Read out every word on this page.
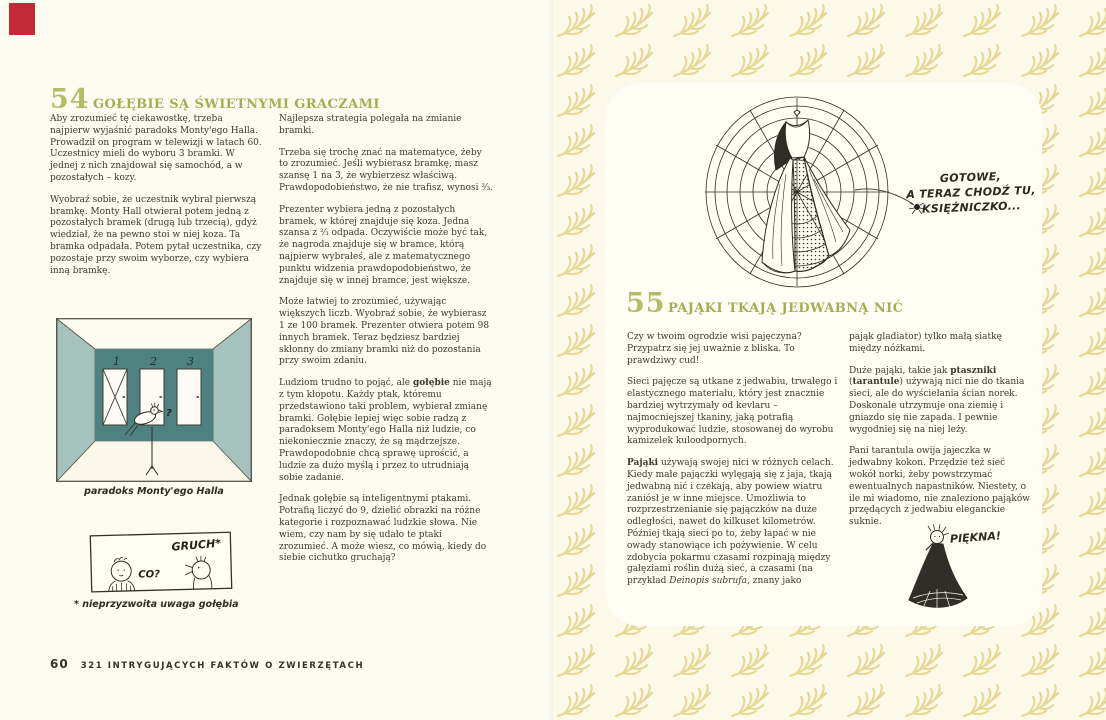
54 GOŁĘBIE SĄ ŚWIETNYMI GRACZAMI

Aby zrozumieć tę ciekawostkę, trzeba najpierw wyjaśnić paradoks Monty'ego Halla. Prowadził on program w telewizji w latach 60. Uczestnicy mieli do wyboru 3 bramki. W jednej z nich znajdował się samochód, a w pozostałych – kozy.

Wyobraź sobie, że uczestnik wybrał pierwszą bramkę. Monty Hall otwierał potem jedną z pozostałych bramek (drugą lub trzecią), gdyż wiedział, że na pewno stoi w niej koza. Ta bramka odpadała. Potem pytał uczestnika, czy pozostaje przy swoim wyborze, czy wybiera inną bramkę.

Najlepsza strategia polegała na zmianie bramki.

Trzeba się trochę znać na matematyce, żeby to zrozumieć. Jeśli wybierasz bramkę, masz szansę 1 na 3, że wybierzesz właściwą. Prawdopodobieństwo, że nie trafisz, wynosi ²⁄₃.

Prezenter wybiera jedną z pozostałych bramek, w której znajduje się koza. Jedna szansa z ²⁄₃ odpada. Oczywiście może być tak, że nagroda znajduje się w bramce, którą najpierw wybrałeś, ale z matematycznego punktu widzenia prawdopodobieństwo, że znajduje się w innej bramce, jest większe.

Może łatwiej to zrozumieć, używając większych liczb. Wyobraź sobie, że wybierasz 1 ze 100 bramek. Prezenter otwiera potem 98 innych bramek. Teraz będziesz bardziej skłonny do zmiany bramki niż do pozostania przy swoim zdaniu.

Ludziom trudno to pojąć, ale gołębie nie mają z tym kłopotu. Każdy ptak, któremu przedstawiono taki problem, wybierał zmianę bramki. Gołębie lepiej więc sobie radzą z paradoksem Monty'ego Halla niż ludzie, co niekoniecznie znaczy, że są mądrzejsze. Prawdopodobnie chcą sprawę uprościć, a ludzie za dużo myślą i przez to utrudniają sobie zadanie.

Jednak gołębie są inteligentnymi ptakami. Potrafią liczyć do 9, dzielić obrazki na różne kategorie i rozpoznawać ludzkie słowa. Nie wiem, czy nam by się udało te ptaki zrozumieć. A może wiesz, co mówią, kiedy do siebie cichutko gruchają?

1	2	3
?
paradoks Monty'ego Halla
CO?
GRUCH*
* nieprzyzwoita uwaga gołębia
60 321 INTRYGUJĄCYCH FAKTÓW O ZWIERZĘTACH
GOTOWE,
A TERAZ CHODŹ TU,
KSIĘŻNICZKO...
55 PAJĄKI TKAJĄ JEDWABNĄ NIĆ

Czy w twoim ogrodzie wisi pajęczyna? Przypatrz się jej uważnie z bliska. To prawdziwy cud!

Sieci pajęcze są utkane z jedwabiu, trwałego i elastycznego materiału, który jest znacznie bardziej wytrzymały od kevlaru – najmocniejszej tkaniny, jaką potrafią wyprodukować ludzie, stosowanej do wyrobu kamizelek kuloodpornych.

Pająki używają swojej nici w różnych celach. Kiedy małe pajączki wylęgają się z jaja, tkają jedwabną nić i czekają, aby powiew wiatru zaniósł je w inne miejsce. Umożliwia to rozprzestrzenianie się pajączków na duże odległości, nawet do kilkuset kilometrów. Później tkają sieci po to, żeby łapać w nie owady stanowiące ich pożywienie. W celu zdobycia pokarmu czasami rozpinają między gałęziami roślin dużą sieć, a czasami (na przykład Deinopis subrufa, znany jako

pająk gladiator) tylko małą siatkę między nóżkami.

Duże pająki, takie jak ptaszniki (tarantule) używają nici nie do tkania sieci, ale do wyściełania ścian norek. Doskonale utrzymuje ona ziemię i gniazdo się nie zapada. I pewnie wygodniej się na niej leży.

Pani tarantula owija jajeczka w jedwabny kokon. Przędzie też sieć wokół norki, żeby powstrzymać ewentualnych napastników. Niestety, o ile mi wiadomo, nie znaleziono pająków przędących z jedwabiu eleganckie suknie.

PIĘKNA!
